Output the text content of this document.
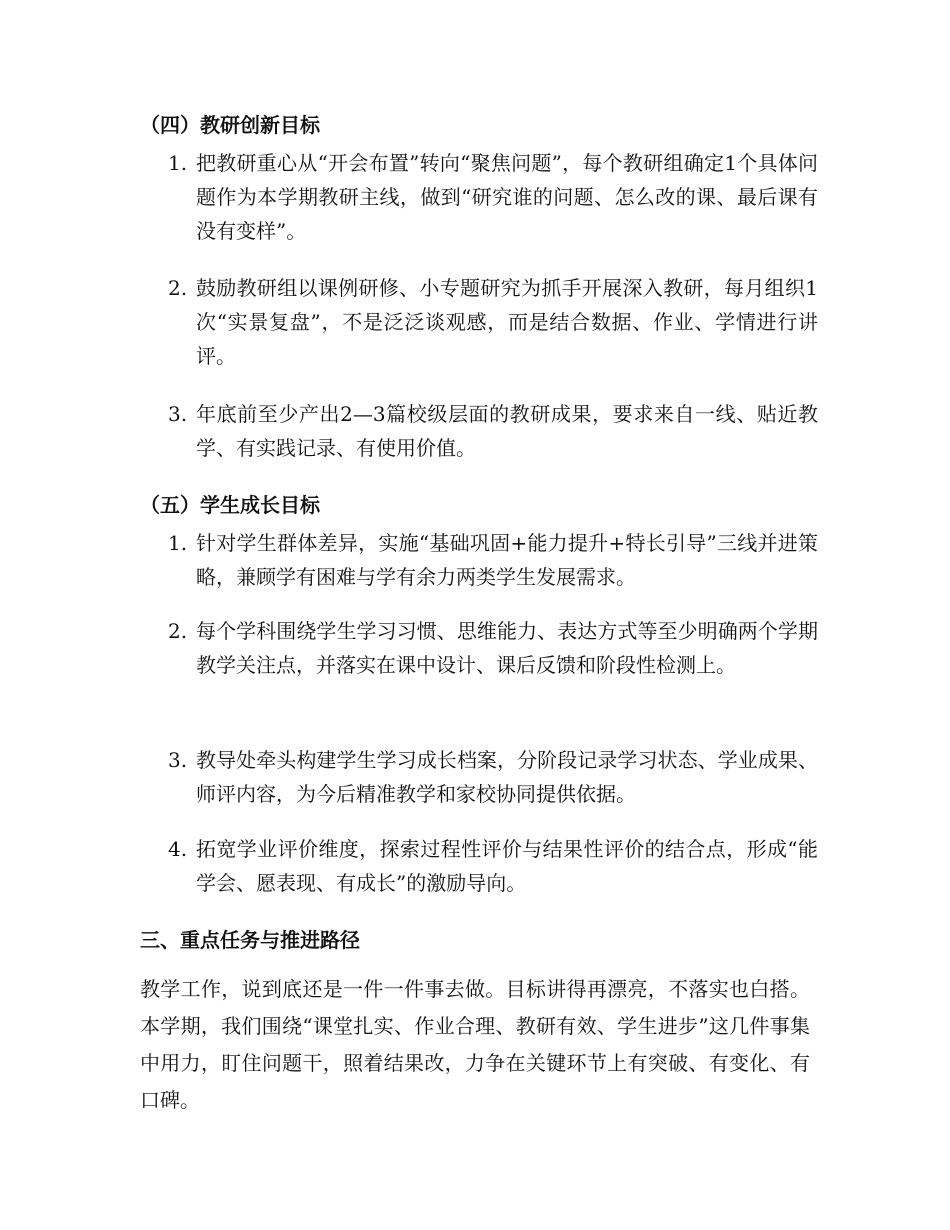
（四）教研创新目标
1. 把教研重心从“开会布置”转向“聚焦问题”，每个教研组确定1个具体问题作为本学期教研主线，做到“研究谁的问题、怎么改的课、最后课有没有变样”。
2. 鼓励教研组以课例研修、小专题研究为抓手开展深入教研，每月组织1次“实景复盘”，不是泛泛谈观感，而是结合数据、作业、学情进行讲评。
3. 年底前至少产出2—3篇校级层面的教研成果，要求来自一线、贴近教学、有实践记录、有使用价值。
（五）学生成长目标
1. 针对学生群体差异，实施“基础巩固+能力提升+特长引导”三线并进策略，兼顾学有困难与学有余力两类学生发展需求。
2. 每个学科围绕学生学习习惯、思维能力、表达方式等至少明确两个学期教学关注点，并落实在课中设计、课后反馈和阶段性检测上。
3. 教导处牵头构建学生学习成长档案，分阶段记录学习状态、学业成果、师评内容，为今后精准教学和家校协同提供依据。
4. 拓宽学业评价维度，探索过程性评价与结果性评价的结合点，形成“能学会、愿表现、有成长”的激励导向。
三、重点任务与推进路径

教学工作，说到底还是一件一件事去做。目标讲得再漂亮，不落实也白搭。本学期，我们围绕“课堂扎实、作业合理、教研有效、学生进步”这几件事集中用力，盯住问题干，照着结果改，力争在关键环节上有突破、有变化、有口碑。
